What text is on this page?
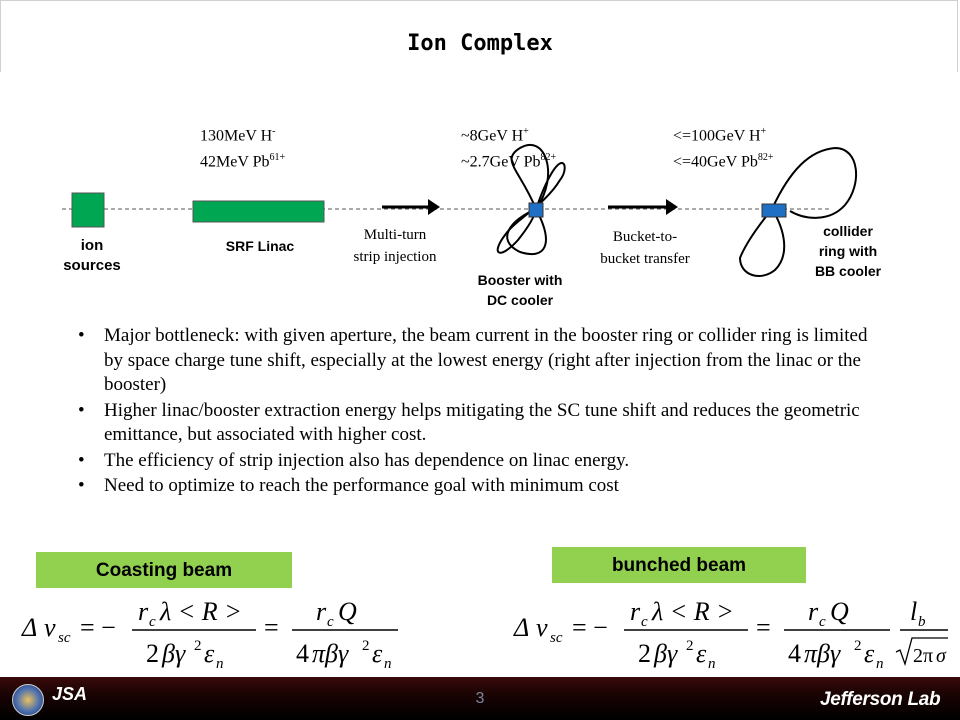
Ion Complex
ion
sources
SRF Linac
130MeV H-
42MeV $Pb^{61+}$
Multi-turn
strip injection
~8GeV H+
~2.7GeV $Pb^{82+}$
Booster with
DC cooler
Bucket-to-
bucket transfer
<=100GeV H+
<=40GeV $Pb^{82+}$
collider
ring with
BB cooler
• Major bottleneck: with given aperture, the beam current in the booster ring or collider ring is limited by space charge tune shift, especially at the lowest energy (right after injection from the linac or the booster)
• Higher linac/booster extraction energy helps mitigating the SC tune shift and reduces the geometric emittance, but associated with higher cost.
• The efficiency of strip injection also has dependence on linac energy.
• Need to optimize to reach the performance goal with minimum cost
Coasting beam
Δ ν sc = −
r c λ < R >
2 βγ 2 ε n
=
r c Q
4 πβγ 2 ε n
bunched beam
Δ ν sc = −
r c λ < R >
2 βγ 2 ε n
=
r c Q
4 πβγ 2 ε n
l b
2π σ
JSA	3	Jefferson Lab
